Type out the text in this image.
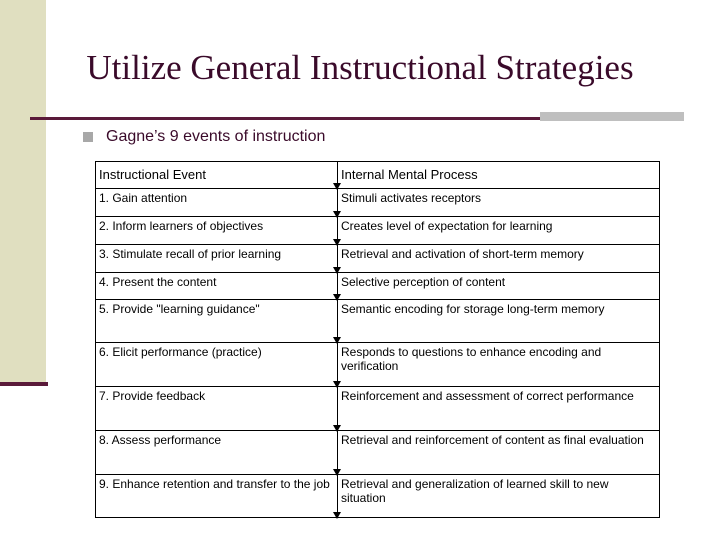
Utilize General Instructional Strategies
Gagne’s 9 events of instruction
Instructional Event	Internal Mental Process

1. Gain attention	Stimuli activates receptors

2. Inform learners of objectives	Creates level of expectation for learning

3. Stimulate recall of prior learning	Retrieval and activation of short-term memory

4. Present the content	Selective perception of content

5. Provide "learning guidance"	Semantic encoding for storage long-term memory

6. Elicit performance (practice)	Responds to questions to enhance encoding and verification

7. Provide feedback	Reinforcement and assessment of correct performance

8. Assess performance	Retrieval and reinforcement of content as final evaluation

9. Enhance retention and transfer to the job	Retrieval and generalization of learned skill to new situation
